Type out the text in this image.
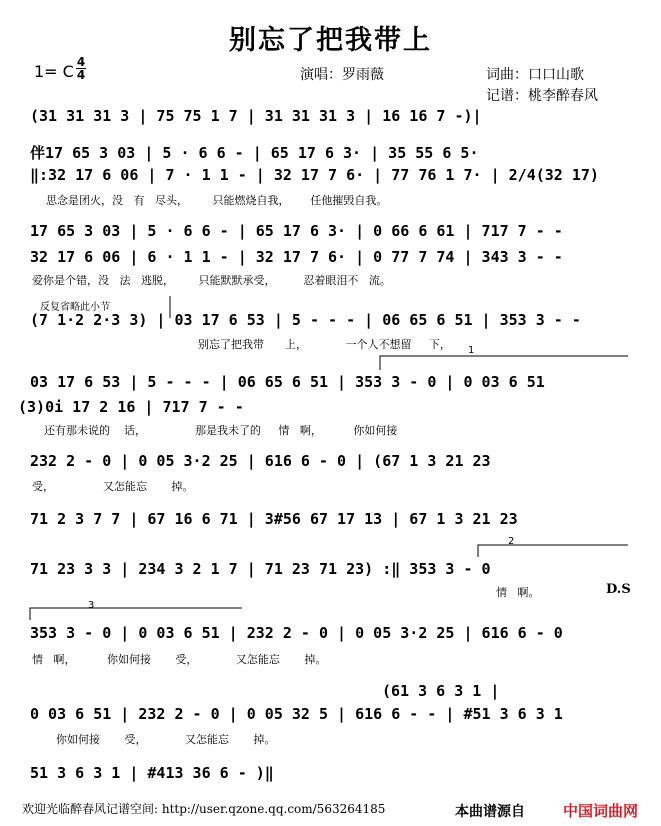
别忘了把我带上
1= C 4
4	演唱：罗雨薇	词曲：口口山歌
记谱：桃李醉春风
(31 31 31 3 | 75 75 1 7 | 31 31 31 3 | 16 16 7 -)|
伴17 65 3 03 | 5 · 6 6 - | 65 17 6 3· | 35 55 6 5·
‖:32 17 6 06 | 7 · 1 1 - | 32 17 7 6· | 77 76 1 7· | 2/4(32 17)
思念是团火，没   有   尽头，       只能燃烧自我，      任他摧毁自我。
17 65 3 03 | 5 · 6 6 - | 65 17 6 3· | 0 66 6 61 | 717 7 - -
32 17 6 06 | 6 · 1 1 - | 32 17 7 6· | 0 77 7 74 | 343 3 - -
爱你是个错，没   法   逃脱，       只能默默承受，        忍着眼泪不   流。
反复省略此小节
(7 1·2 2·3 3) | 03 17 6 53 | 5 - - - | 06 65 6 51 | 353 3 - -
别忘了把我带      上，           一个人不想留     下，
03 17 6 53 | 5 - - - | 06 65 6 51 | 353 3 - 0 | 0 03 6 51
(3)0i 17 2 16 | 717 7 - -
还有那未说的    话，              那是我未了的     情   啊，         你如何接
232 2 - 0 | 0 05 3·2 25 | 616 6 - 0 | (67 1 3 21 23
受，              又怎能忘       掉。
71 2 3 7 7 | 67 16 6 71 | 3#56 67 17 13 | 67 1 3 21 23
71 23 3 3 | 234 3 2 1 7 | 71 23 71 23) :‖ 353 3 - 0
情   啊。	D.S
353 3 - 0 | 0 03 6 51 | 232 2 - 0 | 0 05 3·2 25 | 616 6 - 0
情   啊，         你如何接       受，           又怎能忘       掉。
(61 3 6 3 1 |
0 03 6 51 | 232 2 - 0 | 0 05 32 5 | 616 6 - - | #51 3 6 3 1
你如何接       受，           又怎能忘       掉。
51 3 6 3 1 | #413 36 6 - )‖
1
2
3
欢迎光临醉春风记谱空间: http://user.qzone.qq.com/563264185	本曲谱源自	中国词曲网
